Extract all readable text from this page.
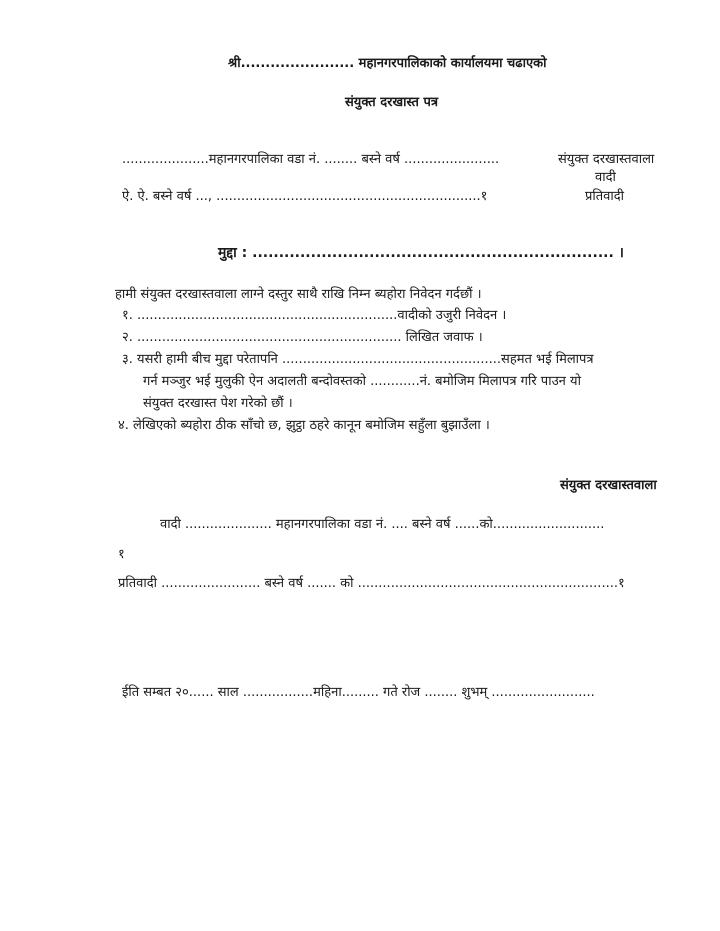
श्री....................... महानगरपालिकाको कार्यालयमा चढाएको
संयुक्त दरखास्त पत्र
.....................महानगरपालिका वडा नं. ........ बस्ने वर्ष .......................	संयुक्त दरखास्तवाला
वादी
ऐ. ऐ. बस्ने वर्ष ..., ................................................................१	प्रतिवादी
मुद्दा : .................................................................... ।
हामी संयुक्त दरखास्तवाला लाग्ने दस्तुर साथै राखि निम्न ब्यहोरा निवेदन गर्दछौं ।
१. ...............................................................वादीको उजुरी निवेदन ।
२. ................................................................ लिखित जवाफ ।
३. यसरी हामी बीच मुद्दा परेतापनि .....................................................सहमत भई मिलापत्र
गर्न मञ्जुर भई मुलुकी ऐन अदालती बन्दोवस्तको ............नं. बमोजिम मिलापत्र गरि पाउन यो
संयुक्त दरखास्त पेश गरेको छौं ।
४. लेखिएको ब्यहोरा ठीक साँचो छ, झुट्ठा ठहरे कानून बमोजिम सहुँला बुझाउँला ।
संयुक्त दरखास्तवाला
वादी ..................... महानगरपालिका वडा नं. .... बस्ने वर्ष ......को...........................
१
प्रतिवादी ........................ बस्ने वर्ष ....... को ...............................................................१
ईति सम्बत २०...... साल .................महिना......... गते रोज ........ शुभम् .........................
